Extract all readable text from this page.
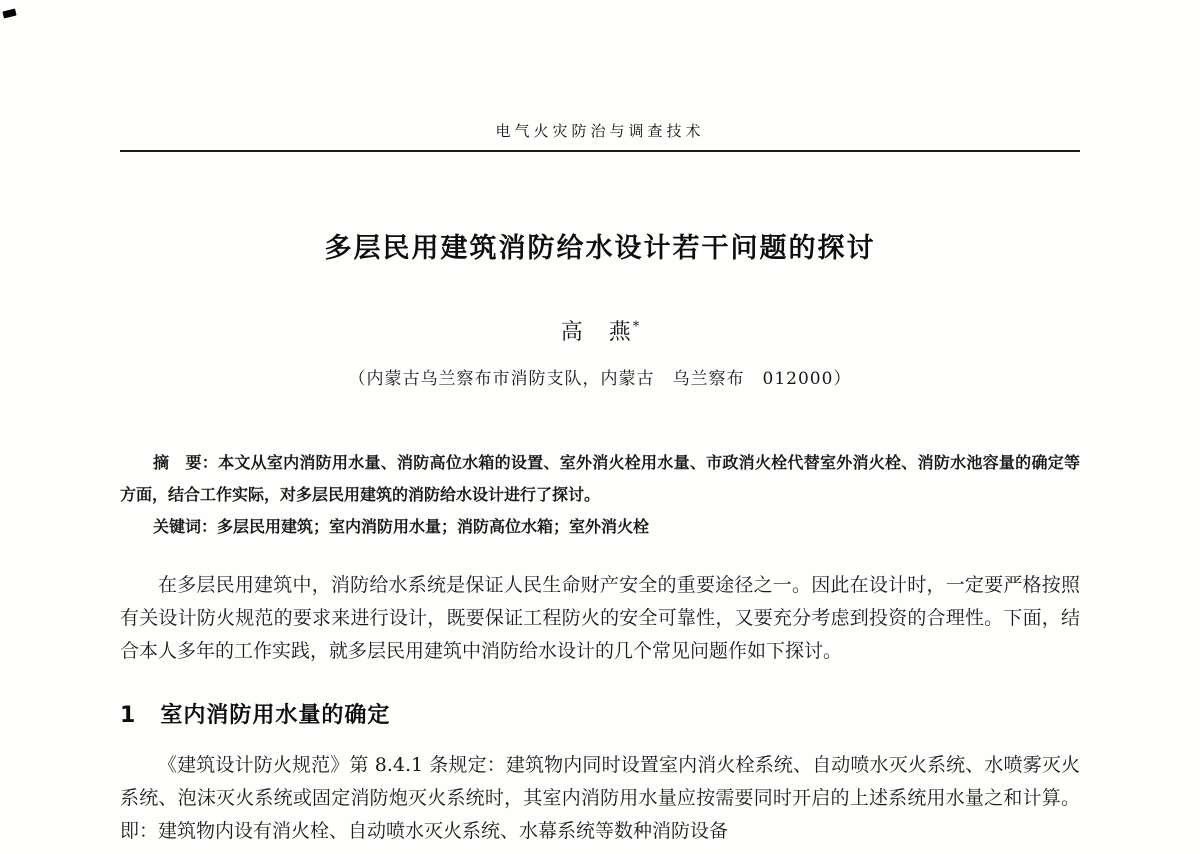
电气火灾防治与调查技术
多层民用建筑消防给水设计若干问题的探讨
高　燕*
（内蒙古乌兰察布市消防支队，内蒙古　乌兰察布　012000）

摘　要：本文从室内消防用水量、消防高位水箱的设置、室外消火栓用水量、市政消火栓代替室外消火栓、消防水池容量的确定等方面，结合工作实际，对多层民用建筑的消防给水设计进行了探讨。

关键词：多层民用建筑；室内消防用水量；消防高位水箱；室外消火栓

在多层民用建筑中，消防给水系统是保证人民生命财产安全的重要途径之一。因此在设计时，一定要严格按照有关设计防火规范的要求来进行设计，既要保证工程防火的安全可靠性，又要充分考虑到投资的合理性。下面，结合本人多年的工作实践，就多层民用建筑中消防给水设计的几个常见问题作如下探讨。

1 室内消防用水量的确定

《建筑设计防火规范》第 8.4.1 条规定：建筑物内同时设置室内消火栓系统、自动喷水灭火系统、水喷雾灭火系统、泡沫灭火系统或固定消防炮灭火系统时，其室内消防用水量应按需要同时开启的上述系统用水量之和计算。即：建筑物内设有消火栓、自动喷水灭火系统、水幕系统等数种消防设备
